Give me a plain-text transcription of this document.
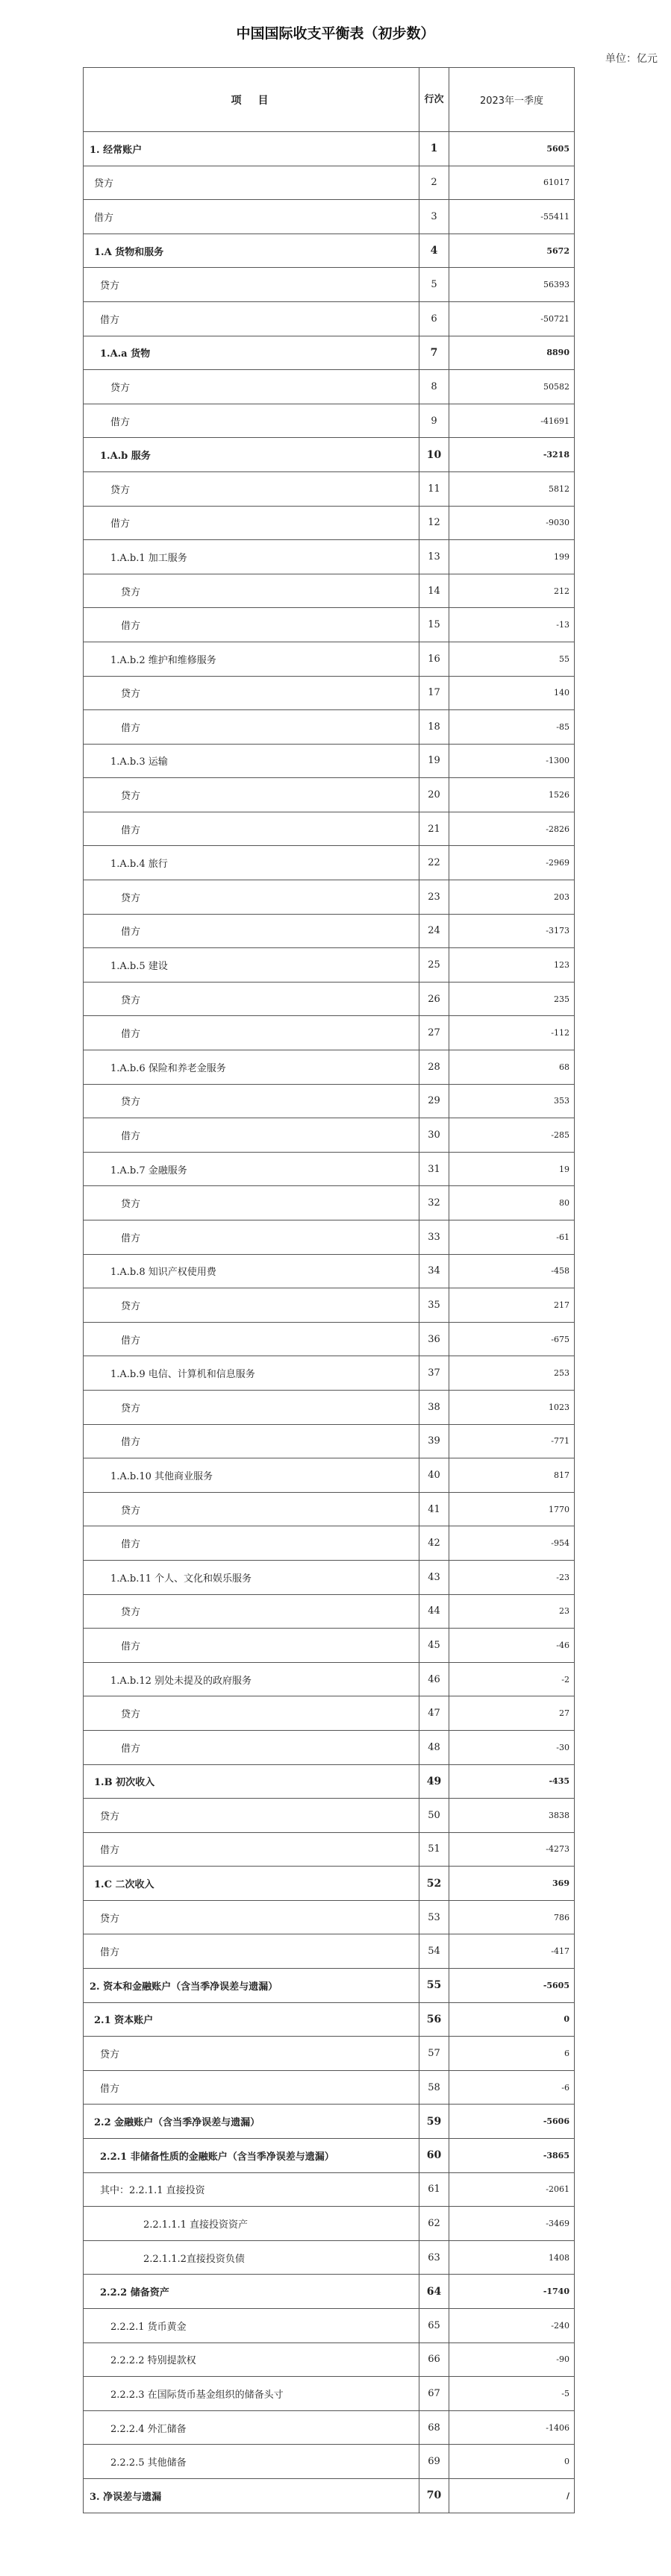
中国国际收支平衡表（初步数）
单位：亿元
项　目	行次	2023年一季度
1. 经常账户	1	5605
贷方	2	61017
借方	3	-55411
1.A 货物和服务	4	5672
贷方	5	56393
借方	6	-50721
1.A.a 货物	7	8890
贷方	8	50582
借方	9	-41691
1.A.b 服务	10	-3218
贷方	11	5812
借方	12	-9030
1.A.b.1 加工服务	13	199
贷方	14	212
借方	15	-13
1.A.b.2 维护和维修服务	16	55
贷方	17	140
借方	18	-85
1.A.b.3 运输	19	-1300
贷方	20	1526
借方	21	-2826
1.A.b.4 旅行	22	-2969
贷方	23	203
借方	24	-3173
1.A.b.5 建设	25	123
贷方	26	235
借方	27	-112
1.A.b.6 保险和养老金服务	28	68
贷方	29	353
借方	30	-285
1.A.b.7 金融服务	31	19
贷方	32	80
借方	33	-61
1.A.b.8 知识产权使用费	34	-458
贷方	35	217
借方	36	-675
1.A.b.9 电信、计算机和信息服务	37	253
贷方	38	1023
借方	39	-771
1.A.b.10 其他商业服务	40	817
贷方	41	1770
借方	42	-954
1.A.b.11 个人、文化和娱乐服务	43	-23
贷方	44	23
借方	45	-46
1.A.b.12 别处未提及的政府服务	46	-2
贷方	47	27
借方	48	-30
1.B 初次收入	49	-435
贷方	50	3838
借方	51	-4273
1.C 二次收入	52	369
贷方	53	786
借方	54	-417
2. 资本和金融账户（含当季净误差与遗漏）	55	-5605
2.1 资本账户	56	0
贷方	57	6
借方	58	-6
2.2 金融账户（含当季净误差与遗漏）	59	-5606
2.2.1 非储备性质的金融账户（含当季净误差与遗漏）	60	-3865
其中：2.2.1.1 直接投资	61	-2061
2.2.1.1.1 直接投资资产	62	-3469
2.2.1.1.2直接投资负债	63	1408
2.2.2 储备资产	64	-1740
2.2.2.1 货币黄金	65	-240
2.2.2.2 特别提款权	66	-90
2.2.2.3 在国际货币基金组织的储备头寸	67	-5
2.2.2.4 外汇储备	68	-1406
2.2.2.5 其他储备	69	0
3. 净误差与遗漏	70	/
